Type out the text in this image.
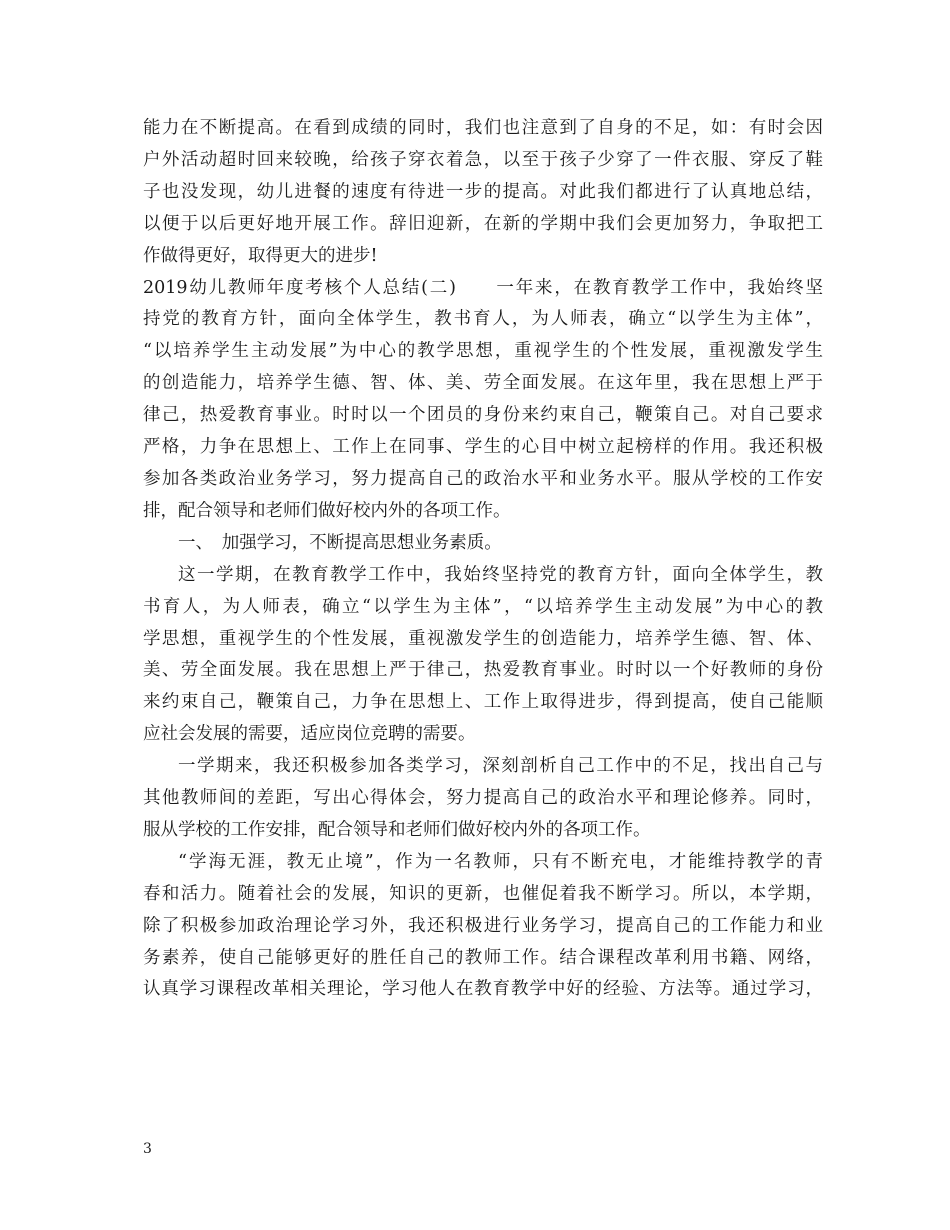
能力在不断提高。在看到成绩的同时，我们也注意到了自身的不足，如：有时会因
户外活动超时回来较晚，给孩子穿衣着急，以至于孩子少穿了一件衣服、穿反了鞋
子也没发现，幼儿进餐的速度有待进一步的提高。对此我们都进行了认真地总结，
以便于以后更好地开展工作。辞旧迎新，在新的学期中我们会更加努力，争取把工
作做得更好，取得更大的进步!
2019幼儿教师年度考核个人总结(二)　　一年来，在教育教学工作中，我始终坚
持党的教育方针，面向全体学生，教书育人，为人师表，确立“以学生为主体”，
“以培养学生主动发展”为中心的教学思想，重视学生的个性发展，重视激发学生
的创造能力，培养学生德、智、体、美、劳全面发展。在这年里，我在思想上严于
律己，热爱教育事业。时时以一个团员的身份来约束自己，鞭策自己。对自己要求
严格，力争在思想上、工作上在同事、学生的心目中树立起榜样的作用。我还积极
参加各类政治业务学习，努力提高自己的政治水平和业务水平。服从学校的工作安
排，配合领导和老师们做好校内外的各项工作。
一、　加强学习，不断提高思想业务素质。
这一学期，在教育教学工作中，我始终坚持党的教育方针，面向全体学生，教
书育人，为人师表，确立“以学生为主体”，“以培养学生主动发展”为中心的教
学思想，重视学生的个性发展，重视激发学生的创造能力，培养学生德、智、体、
美、劳全面发展。我在思想上严于律己，热爱教育事业。时时以一个好教师的身份
来约束自己，鞭策自己，力争在思想上、工作上取得进步，得到提高，使自己能顺
应社会发展的需要，适应岗位竞聘的需要。
一学期来，我还积极参加各类学习，深刻剖析自己工作中的不足，找出自己与
其他教师间的差距，写出心得体会，努力提高自己的政治水平和理论修养。同时，
服从学校的工作安排，配合领导和老师们做好校内外的各项工作。
“学海无涯，教无止境”，作为一名教师，只有不断充电，才能维持教学的青
春和活力。随着社会的发展，知识的更新，也催促着我不断学习。所以，本学期，
除了积极参加政治理论学习外，我还积极进行业务学习，提高自己的工作能力和业
务素养，使自己能够更好的胜任自己的教师工作。结合课程改革利用书籍、网络，
认真学习课程改革相关理论，学习他人在教育教学中好的经验、方法等。通过学习，
3
